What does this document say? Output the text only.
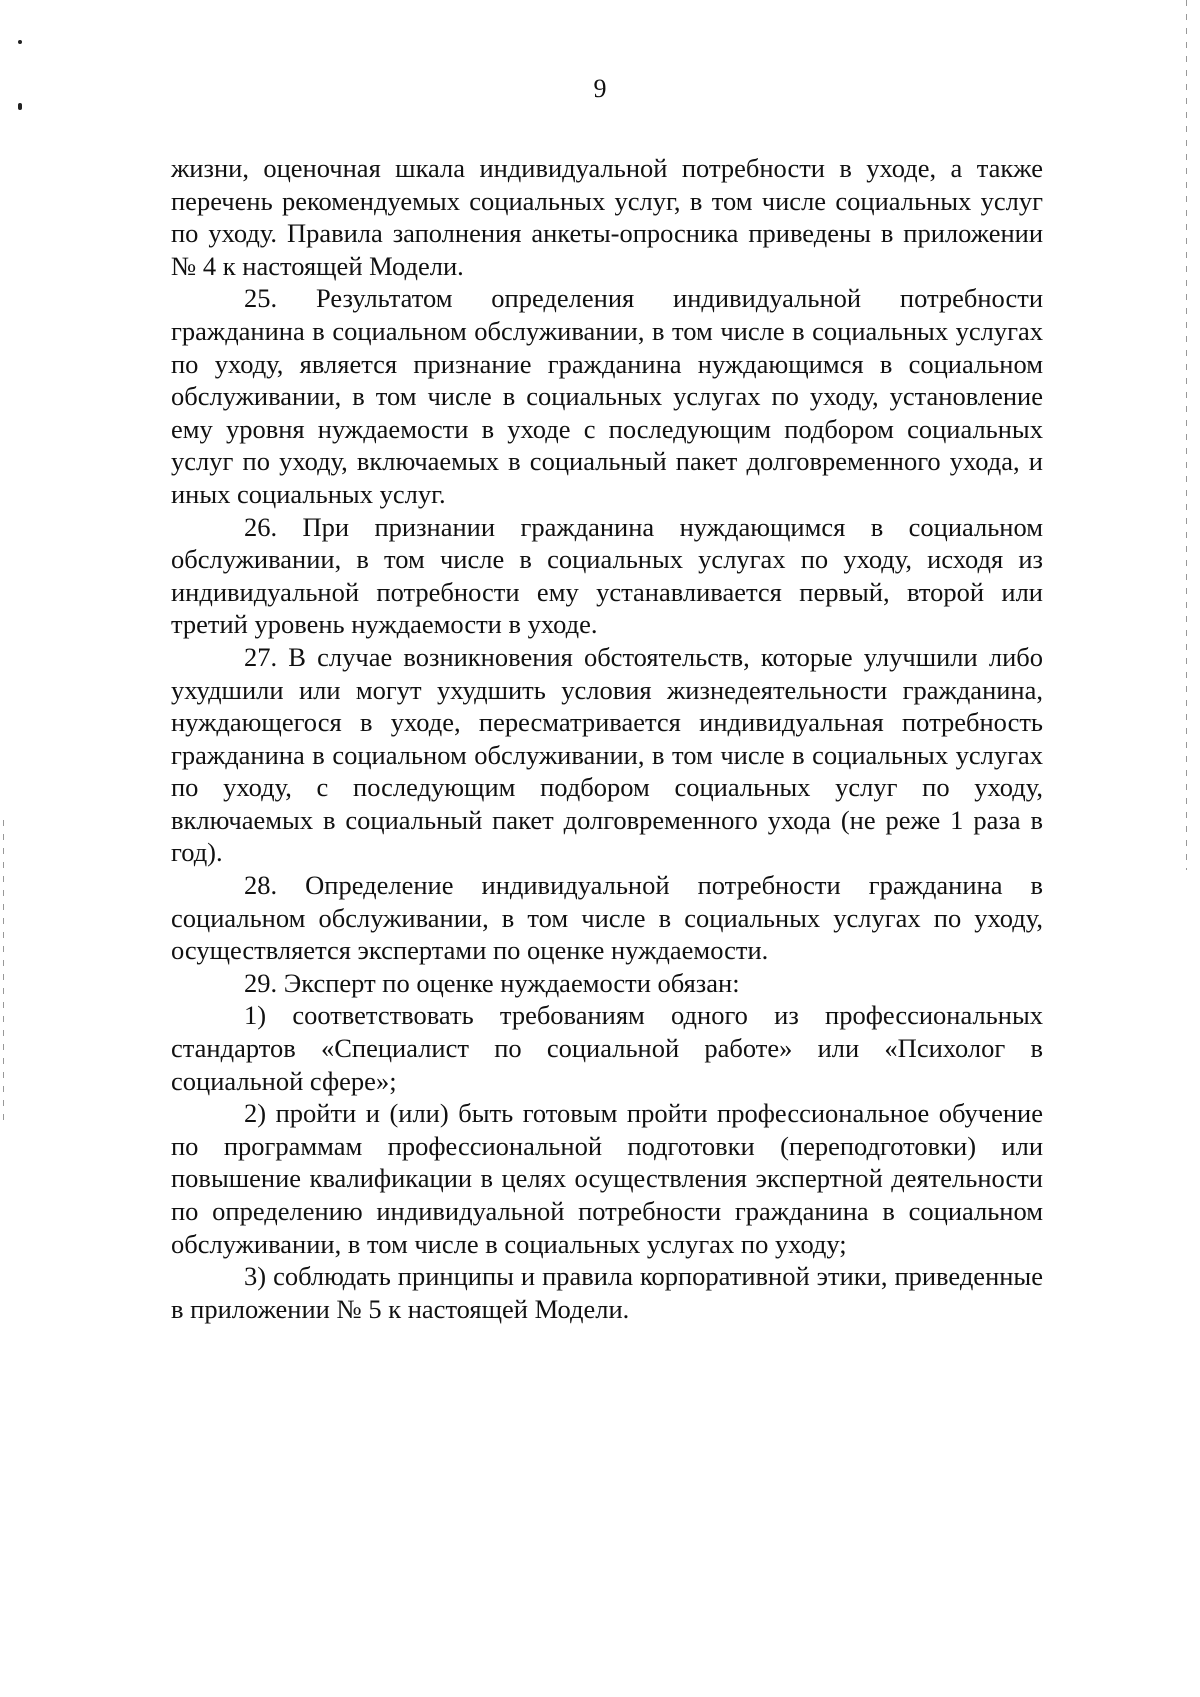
9

жизни, оценочная шкала индивидуальной потребности в уходе, а также перечень рекомендуемых социальных услуг, в том числе социальных услуг по уходу. Правила заполнения анкеты-опросника приведены в приложении № 4 к настоящей Модели.

25. Результатом определения индивидуальной потребности гражданина в социальном обслуживании, в том числе в социальных услугах по уходу, является признание гражданина нуждающимся в социальном обслуживании, в том числе в социальных услугах по уходу, установление ему уровня нуждаемости в уходе с последующим подбором социальных услуг по уходу, включаемых в социальный пакет долговременного ухода, и иных социальных услуг.

26. При признании гражданина нуждающимся в социальном обслуживании, в том числе в социальных услугах по уходу, исходя из индивидуальной потребности ему устанавливается первый, второй или третий уровень нуждаемости в уходе.

27. В случае возникновения обстоятельств, которые улучшили либо ухудшили или могут ухудшить условия жизнедеятельности гражданина, нуждающегося в уходе, пересматривается индивидуальная потребность гражданина в социальном обслуживании, в том числе в социальных услугах по уходу, с последующим подбором социальных услуг по уходу, включаемых в социальный пакет долговременного ухода (не реже 1 раза в год).

28. Определение индивидуальной потребности гражданина в социальном обслуживании, в том числе в социальных услугах по уходу, осуществляется экспертами по оценке нуждаемости.

29. Эксперт по оценке нуждаемости обязан:

1) соответствовать требованиям одного из профессиональных стандартов «Специалист по социальной работе» или «Психолог в социальной сфере»;

2) пройти и (или) быть готовым пройти профессиональное обучение по программам профессиональной подготовки (переподготовки) или повышение квалификации в целях осуществления экспертной деятельности по определению индивидуальной потребности гражданина в социальном обслуживании, в том числе в социальных услугах по уходу;

3) соблюдать принципы и правила корпоративной этики, приведенные в приложении № 5 к настоящей Модели.
